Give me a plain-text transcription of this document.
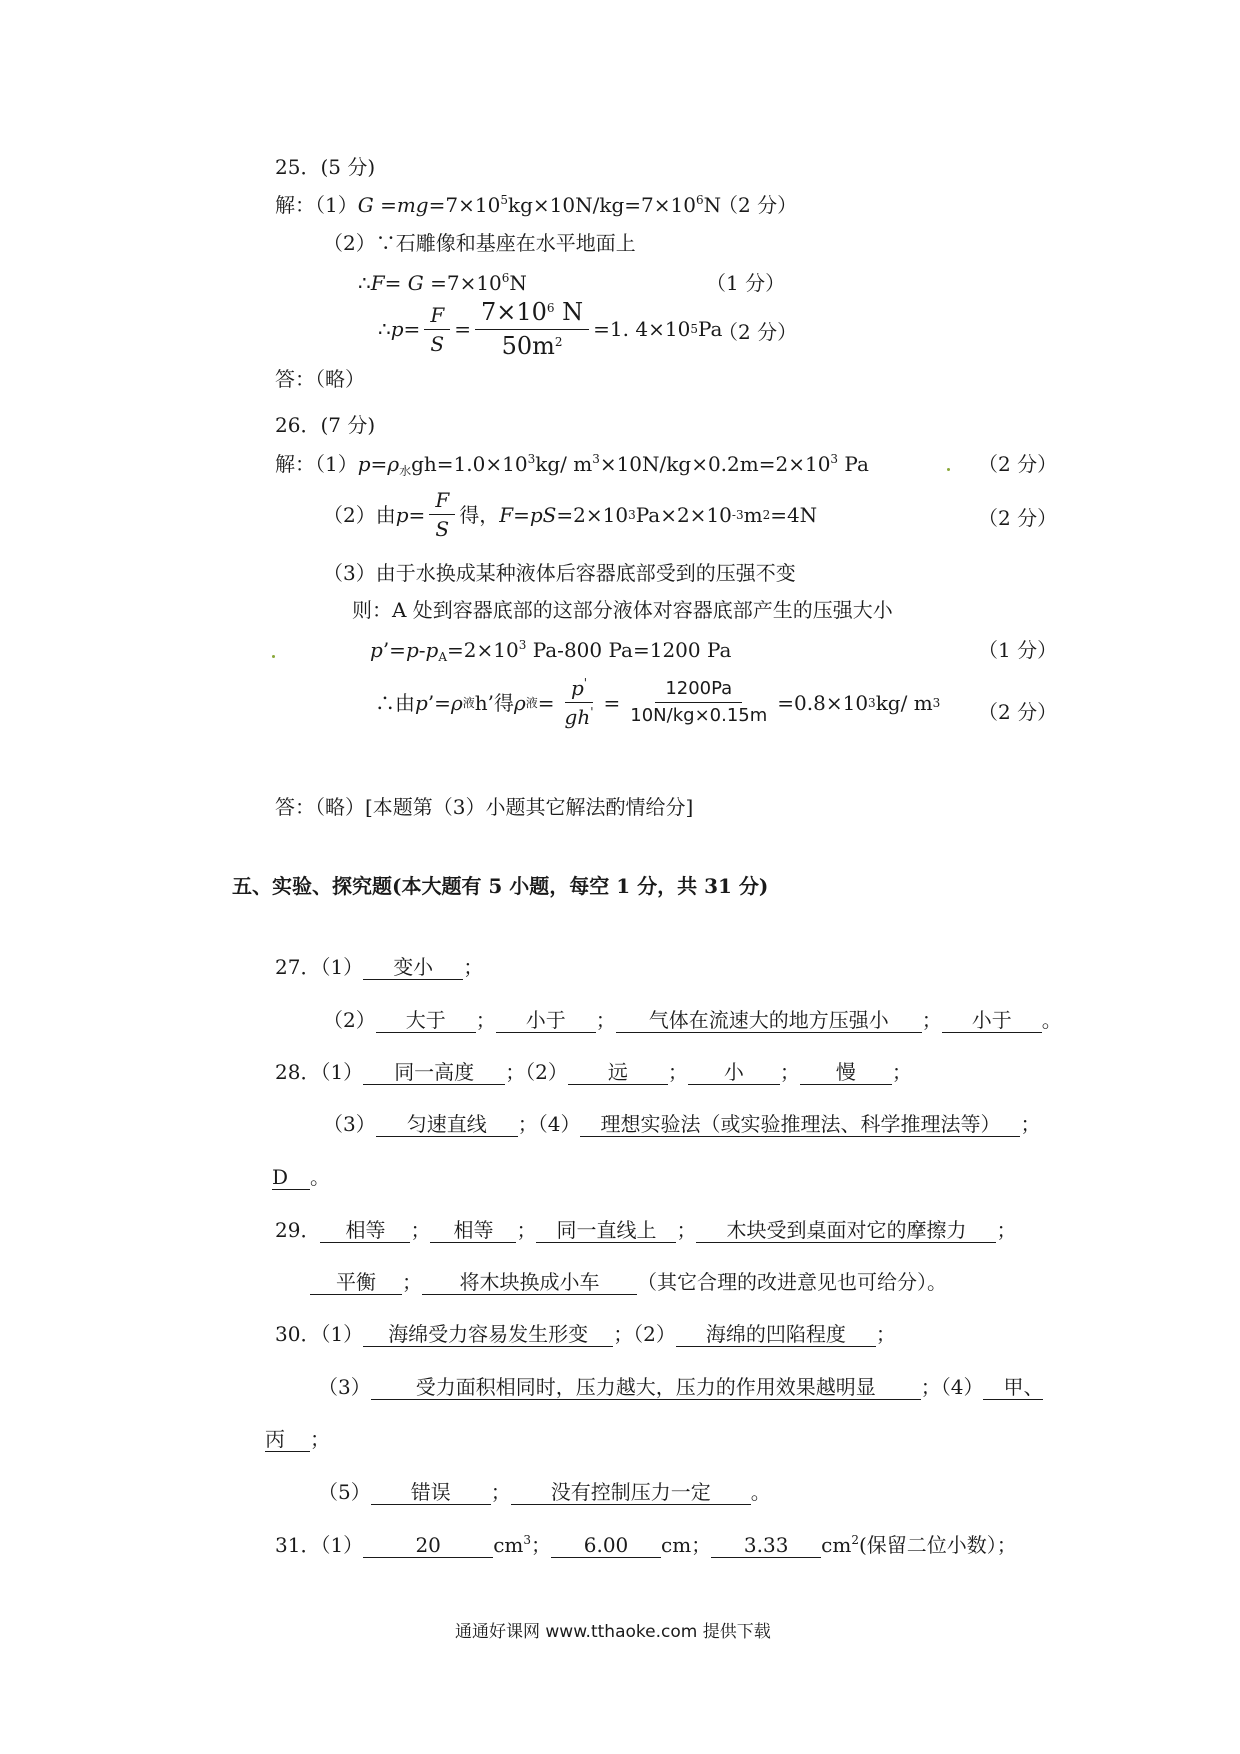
25．(5 分)
解：$(1)G =mg=7\times 10^5kg\times 10N/kg=7\times 10^6N$
（2 分）
（2）∵石雕像和基座在水平地面上
∴F= $G =7\times 10^6N$	（1 分）
∴ $p = \frac{F}{S} = \frac{7\times 10^6 N}{50m^2} =1$. 4×10 5 Pa
（2 分）
答：（略）
26．(7 分)
解：$(1)p=\rho_水gh=1.0\times 10^3kg/$ $m^3\times 10N/kg\times 0.2m=2\times 10^3$ Pa	（2 分）
（2）由 $p = \frac{F}{S}$ 得， F = pS =2×10 3 Pa×2×10 -3 m 2 =4N	（2 分）
（3）由于水换成某种液体后容器底部受到的压强不变
则：A 处到容器底部的这部分液体对容器底部产生的压强大小
$p’=p-p_A=2\times 10^3$ Pa-800 Pa=1200 Pa	（1 分）
∴由 p ’= ρ 液 h’得 ρ 液 = $\frac{p'}{gh'} = \frac{1200Pa}{10N/kg\times 0.15m} =0.8\times 10$ 3 kg/ m 3 （2 分）
答：（略）[本题第（3）小题其它解法酌情给分]
五、实验、探究题(本大题有 5 小题，每空 1 分，共 31 分)
27．（1） 变小 ；
（2） 大于 ； 小于 ； 气体在流速大的地方压强小 ； 小于 。
28．（1） 同一高度 ；（2） 远 ； 小 ； 慢 ；
（3） 匀速直线 ；（4） 理想实验法（或实验推理法、科学推理法等） ；
D 。
29． 相等 ； 相等 ； 同一直线上 ； 木块受到桌面对它的摩擦力 ；
平衡 ； 将木块换成小车 （其它合理的改进意见也可给分）。
30．（1） 海绵受力容易发生形变 ；（2） 海绵的凹陷程度 ；
（3） 受力面积相同时，压力越大，压力的作用效果越明显 ；（4） 甲、
丙 ；
（5） 错误 ； 没有控制压力一定 。
31．（1）	20	$cm^3$； 6.00 cm； 3.33 $cm^2$(保留二位小数）；
通通好课网 www.tthaoke.com 提供下载
